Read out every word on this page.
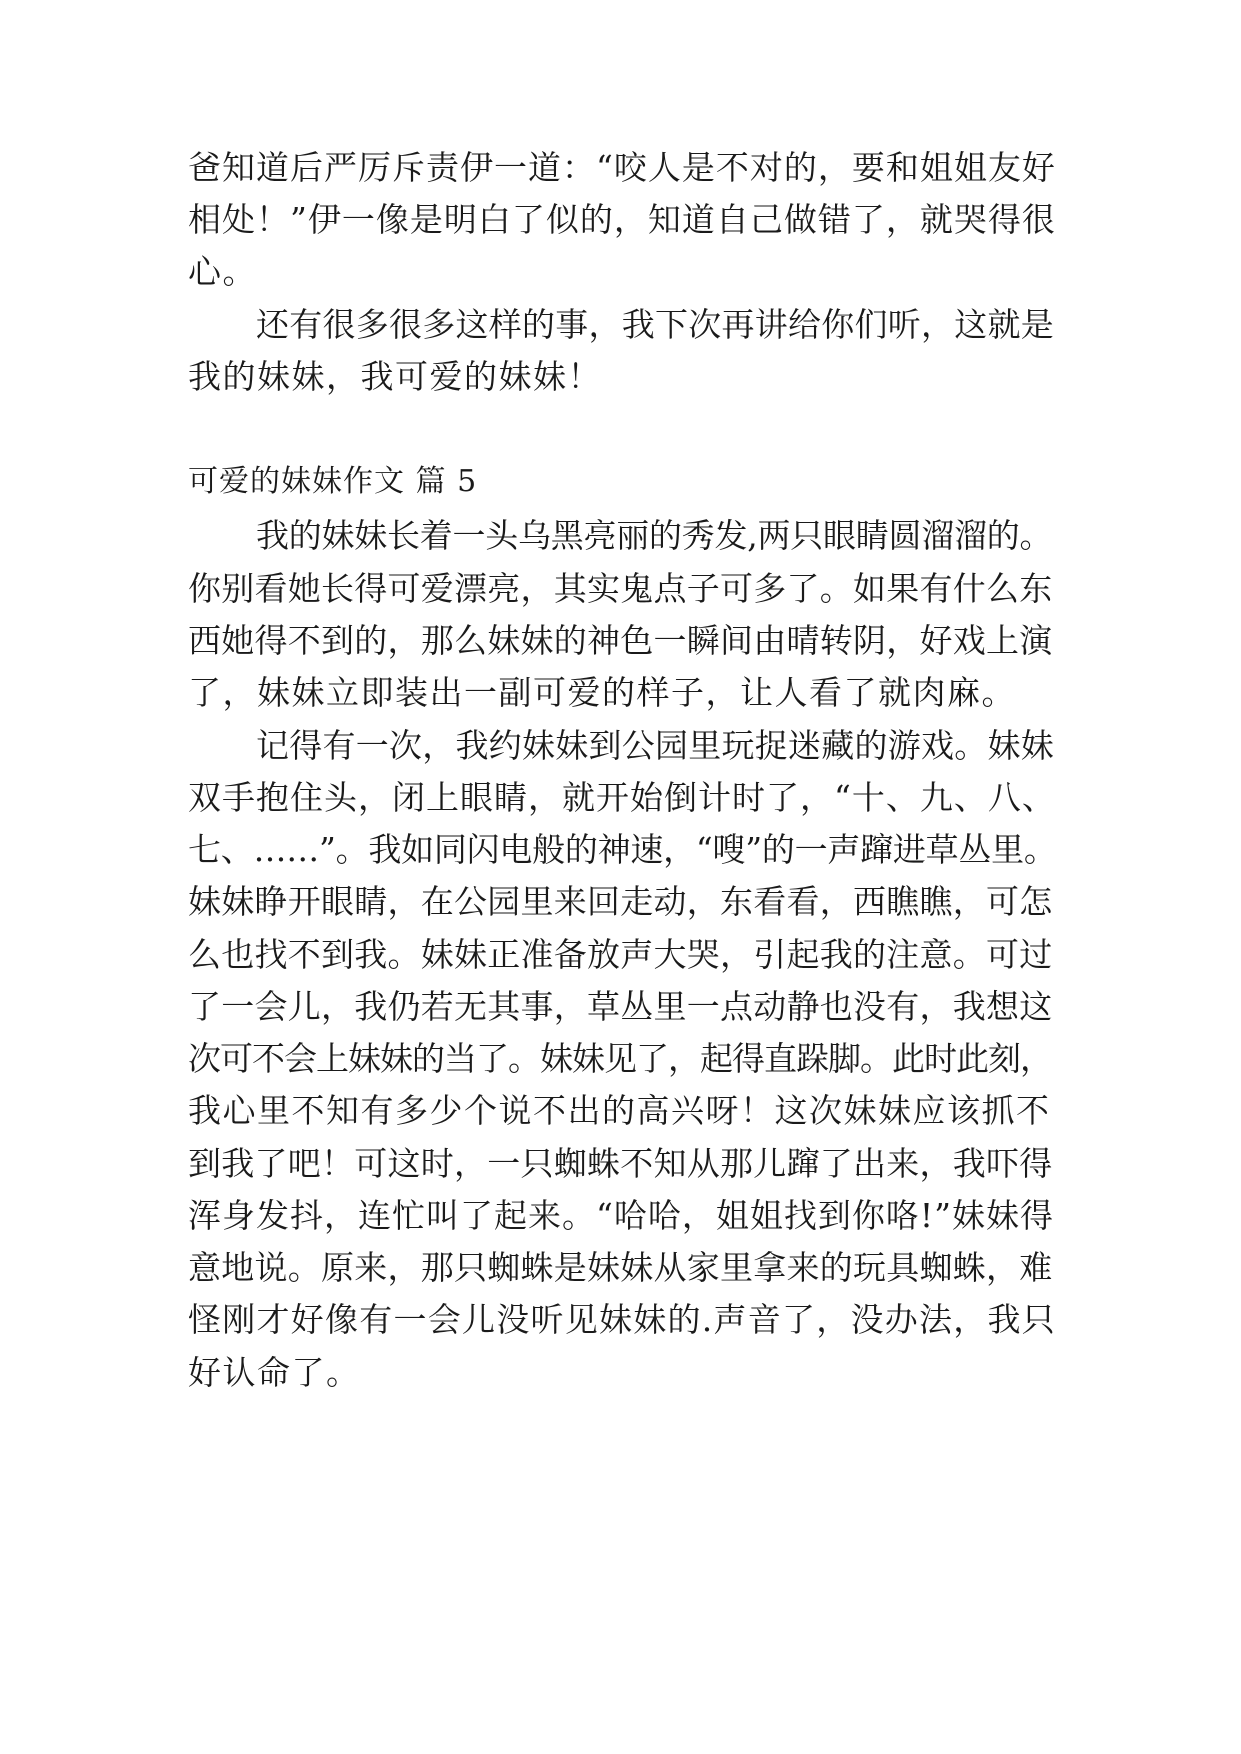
爸知道后严厉斥责伊一道：“咬人是不对的，要和姐姐友好
相处！”伊一像是明白了似的，知道自己做错了，就哭得很
心。
还有很多很多这样的事，我下次再讲给你们听，这就是
我的妹妹，我可爱的妹妹！
可爱的妹妹作文 篇 5
我的妹妹长着一头乌黑亮丽的秀发,两只眼睛圆溜溜的。
你别看她长得可爱漂亮，其实鬼点子可多了。如果有什么东
西她得不到的，那么妹妹的神色一瞬间由晴转阴，好戏上演
了，妹妹立即装出一副可爱的样子，让人看了就肉麻。
记得有一次，我约妹妹到公园里玩捉迷藏的游戏。妹妹
双手抱住头，闭上眼睛，就开始倒计时了，“十、九、八、
七、……”。我如同闪电般的神速，“嗖”的一声蹿进草丛里。
妹妹睁开眼睛，在公园里来回走动，东看看，西瞧瞧，可怎
么也找不到我。妹妹正准备放声大哭，引起我的注意。可过
了一会儿，我仍若无其事，草丛里一点动静也没有，我想这
次可不会上妹妹的当了。妹妹见了，起得直跺脚。此时此刻，
我心里不知有多少个说不出的高兴呀！这次妹妹应该抓不
到我了吧！可这时，一只蜘蛛不知从那儿蹿了出来，我吓得
浑身发抖，连忙叫了起来。“哈哈，姐姐找到你咯!”妹妹得
意地说。原来，那只蜘蛛是妹妹从家里拿来的玩具蜘蛛，难
怪刚才好像有一会儿没听见妹妹的.声音了，没办法，我只
好认命了。
